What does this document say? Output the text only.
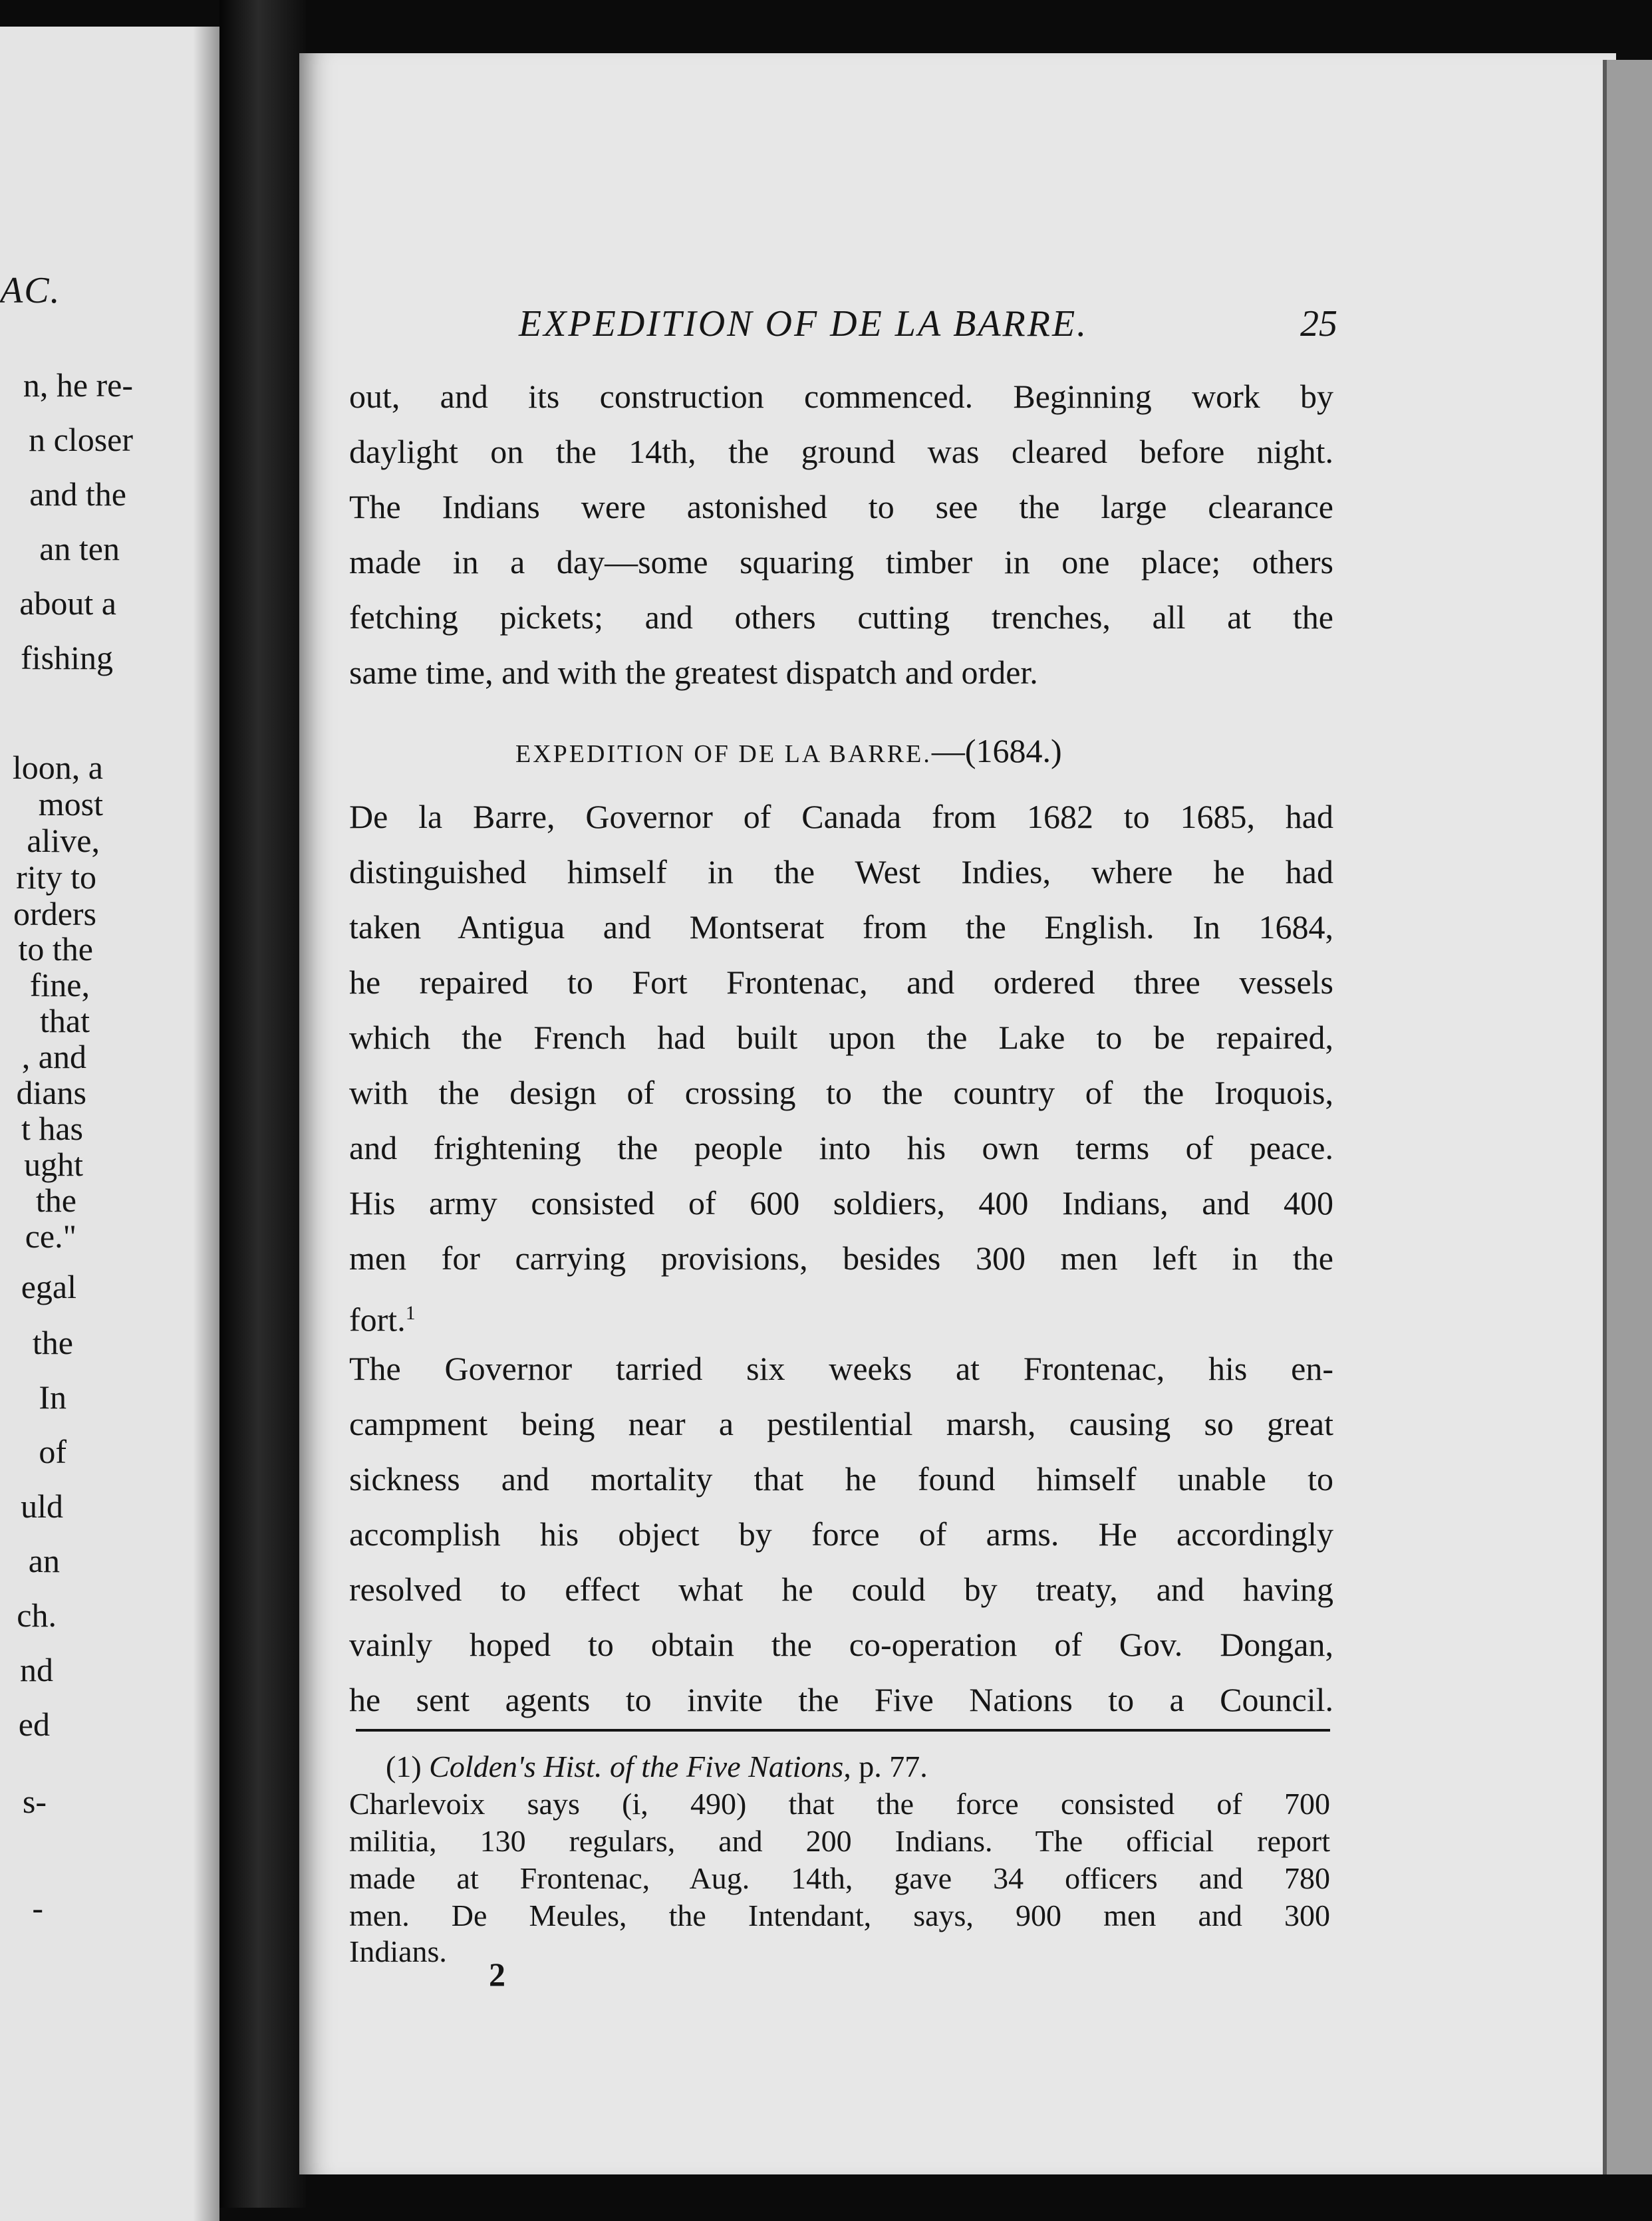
AC.
n, he re-
n closer
and the
an ten
about a
fishing
loon, a
most
alive,
rity to
orders
to the
fine,
that
, and
dians
t has
ught
the
ce."
egal
the
In
of
uld
an
ch.
nd
ed
s-
-
EXPEDITION OF DE LA BARRE.	25
out, and its construction commenced. Beginning work by
daylight on the 14th, the ground was cleared before night.
The Indians were astonished to see the large clearance
made in a day—some squaring timber in one place; others
fetching pickets; and others cutting trenches, all at the
same time, and with the greatest dispatch and order.
EXPEDITION OF DE LA BARRE.—(1684.)
De la Barre, Governor of Canada from 1682 to 1685, had
distinguished himself in the West Indies, where he had
taken Antigua and Montserat from the English. In 1684,
he repaired to Fort Frontenac, and ordered three vessels
which the French had built upon the Lake to be repaired,
with the design of crossing to the country of the Iroquois,
and frightening the people into his own terms of peace.
His army consisted of 600 soldiers, 400 Indians, and 400
men for carrying provisions, besides 300 men left in the
fort.$^1$
The Governor tarried six weeks at Frontenac, his en-
campment being near a pestilential marsh, causing so great
sickness and mortality that he found himself unable to
accomplish his object by force of arms. He accordingly
resolved to effect what he could by treaty, and having
vainly hoped to obtain the co-operation of Gov. Dongan,
he sent agents to invite the Five Nations to a Council.
(1) Colden's Hist. of the Five Nations, p. 77.
Charlevoix says (i, 490) that the force consisted of 700
militia, 130 regulars, and 200 Indians. The official report
made at Frontenac, Aug. 14th, gave 34 officers and 780
men. De Meules, the Intendant, says, 900 men and 300
Indians.
2
